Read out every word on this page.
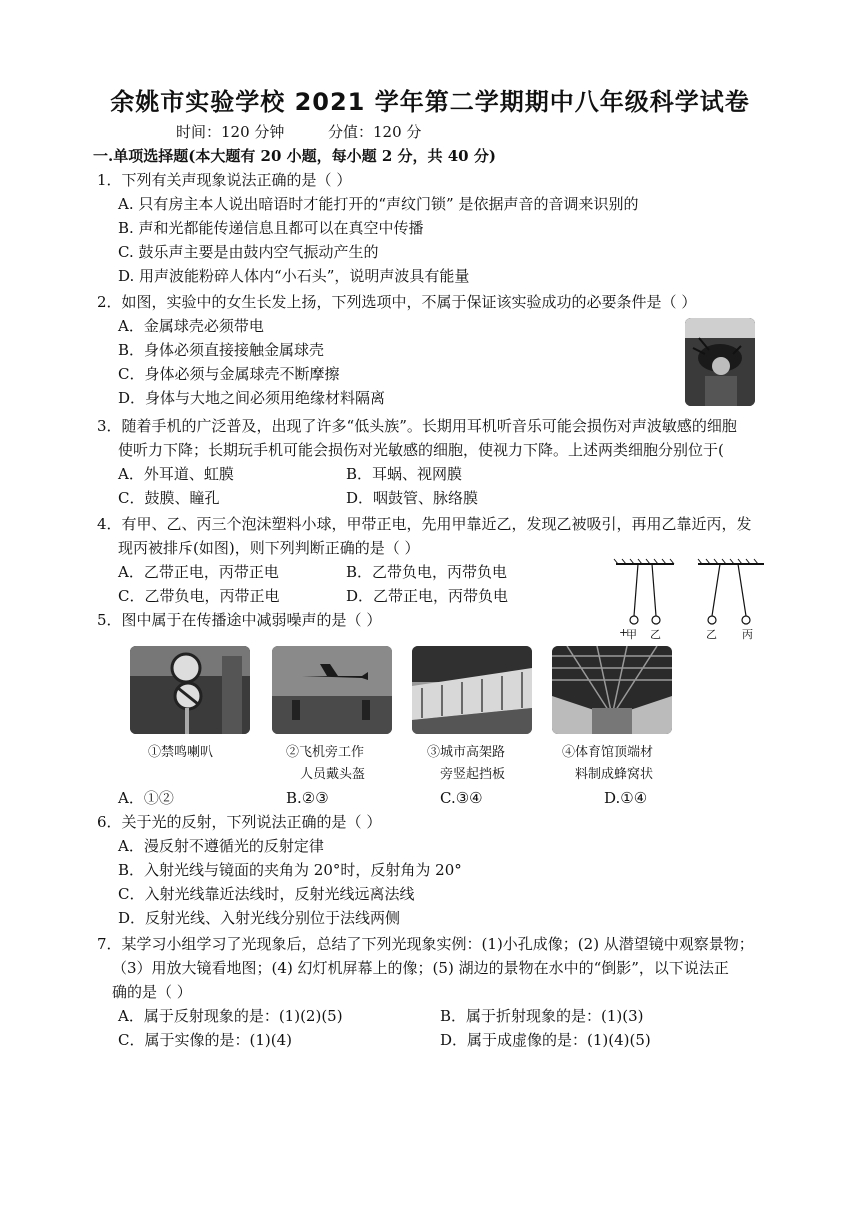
余姚市实验学校 2021 学年第二学期期中八年级科学试卷
时间：120 分钟	分值：120 分
一.单项选择题(本大题有 20 小题，每小题 2 分，共 40 分)
1．下列有关声现象说法正确的是（ ）
A. 只有房主本人说出暗语时才能打开的“声纹门锁” 是依据声音的音调来识别的
B. 声和光都能传递信息且都可以在真空中传播
C. 鼓乐声主要是由鼓内空气振动产生的
D. 用声波能粉碎人体内“小石头”，说明声波具有能量
2．如图，实验中的女生长发上扬，下列选项中，不属于保证该实验成功的必要条件是（ ）
A．金属球壳必须带电
B．身体必须直接接触金属球壳
C．身体必须与金属球壳不断摩擦
D．身体与大地之间必须用绝缘材料隔离
3．随着手机的广泛普及，出现了许多“低头族”。长期用耳机听音乐可能会损伤对声波敏感的细胞
使听力下降；长期玩手机可能会损伤对光敏感的细胞，使视力下降。上述两类细胞分别位于(
A．外耳道、虹膜	B．耳蜗、视网膜
C．鼓膜、瞳孔	D．咽鼓管、脉络膜
4．有甲、乙、丙三个泡沫塑料小球，甲带正电，先用甲靠近乙，发现乙被吸引，再用乙靠近丙，发
现丙被排斥(如图)，则下列判断正确的是（ ）
A．乙带正电，丙带正电	B．乙带负电，丙带负电
C．乙带负电，丙带正电	D．乙带正电，丙带负电
+
甲 乙	乙 丙
5．图中属于在传播途中减弱噪声的是（ ）
15
①禁鸣喇叭	②飞机旁工作
人员戴头盔
③城市高架路
旁竖起挡板
④体育馆顶端材
料制成蜂窝状
A．①②	B.②③	C.③④	D.①④
6．关于光的反射，下列说法正确的是（ ）
A．漫反射不遵循光的反射定律
B．入射光线与镜面的夹角为 20°时，反射角为 20°
C．入射光线靠近法线时，反射光线远离法线
D．反射光线、入射光线分别位于法线两侧
7．某学习小组学习了光现象后，总结了下列光现象实例：(1)小孔成像；(2) 从潜望镜中观察景物；
（3）用放大镜看地图；(4) 幻灯机屏幕上的像；(5) 湖边的景物在水中的“倒影”，以下说法正
确的是（ ）
A．属于反射现象的是：(1)(2)(5)	B．属于折射现象的是：(1)(3)
C．属于实像的是：(1)(4)	D．属于成虚像的是：(1)(4)(5)
